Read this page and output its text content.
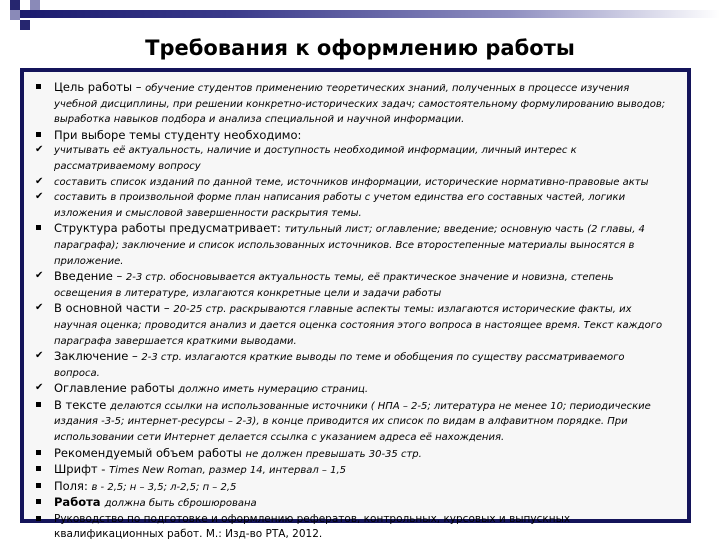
Требования к оформлению работы
Цель работы – обучение студентов применению теоретических знаний, полученных в процессе изучения учебной дисциплины, при решении конкретно-исторических задач; самостоятельному формулированию выводов; выработка навыков подбора и анализа специальной и научной информации.
При выборе темы студенту необходимо:
✔	учитывать её актуальность, наличие и доступность необходимой информации, личный интерес к рассматриваемому вопросу
✔	составить список изданий по данной теме, источников информации, исторические нормативно-правовые акты
✔	составить в произвольной форме план написания работы с учетом единства его составных частей, логики изложения и смысловой завершенности раскрытия темы.
Структура работы предусматривает: титульный лист; оглавление; введение; основную часть (2 главы, 4 параграфа); заключение и список использованных источников. Все второстепенные материалы выносятся в приложение.
✔ Введение – 2-3 стр. обосновывается актуальность темы, её практическое значение и новизна, степень освещения в литературе, излагаются конкретные цели и задачи работы
✔ В основной части – 20-25 стр. раскрываются главные аспекты темы: излагаются исторические факты, их научная оценка; проводится анализ и дается оценка состояния этого вопроса в настоящее время. Текст каждого параграфа завершается краткими выводами.
✔ Заключение – 2-3 стр. излагаются краткие выводы по теме и обобщения по существу рассматриваемого вопроса.
✔ Оглавление работы должно иметь нумерацию страниц.
В тексте делаются ссылки на использованные источники ( НПА – 2-5; литература не менее 10; периодические издания -3-5; интернет-ресурсы – 2-3), в конце приводится их список по видам в алфавитном порядке. При использовании сети Интернет делается ссылка с указанием адреса её нахождения.
Рекомендуемый объем работы не должен превышать 30-35 стр.
Шрифт - Times New Roman, размер 14, интервал – 1,5
Поля: в - 2,5; н – 3,5; л-2,5; п – 2,5
Работа должна быть сброшюрована
Руководство по подготовке и оформлению рефератов, контрольных, курсовых и выпускных квалификационных работ. М.: Изд-во РТА, 2012.
